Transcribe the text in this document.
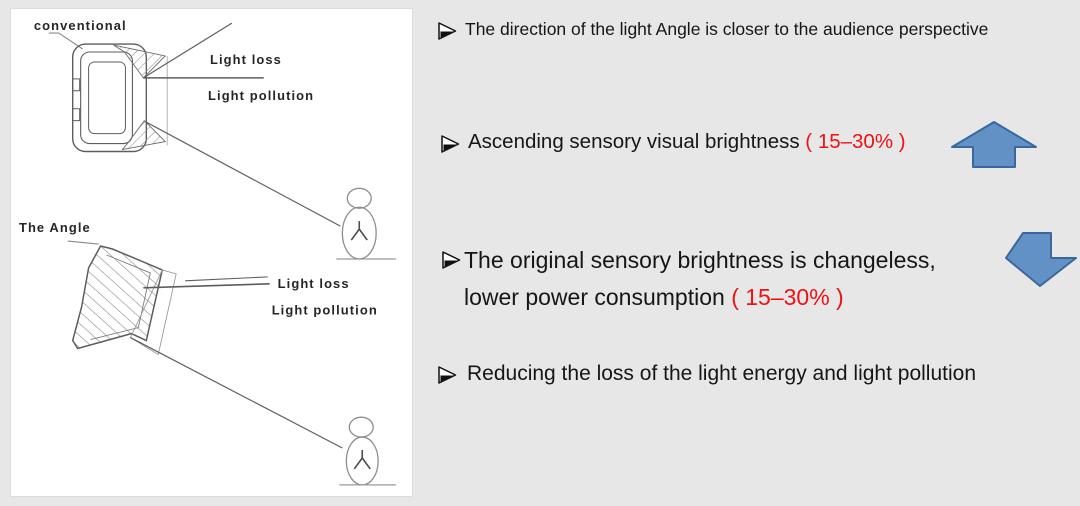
conventional
Light loss
Light pollution
The Angle
Light loss
Light pollution
The direction of the light Angle is closer to the audience perspective
Ascending sensory visual brightness ( 15–30% )
The original sensory brightness is changeless,
lower power consumption ( 15–30% )
Reducing the loss of the light energy and light pollution
